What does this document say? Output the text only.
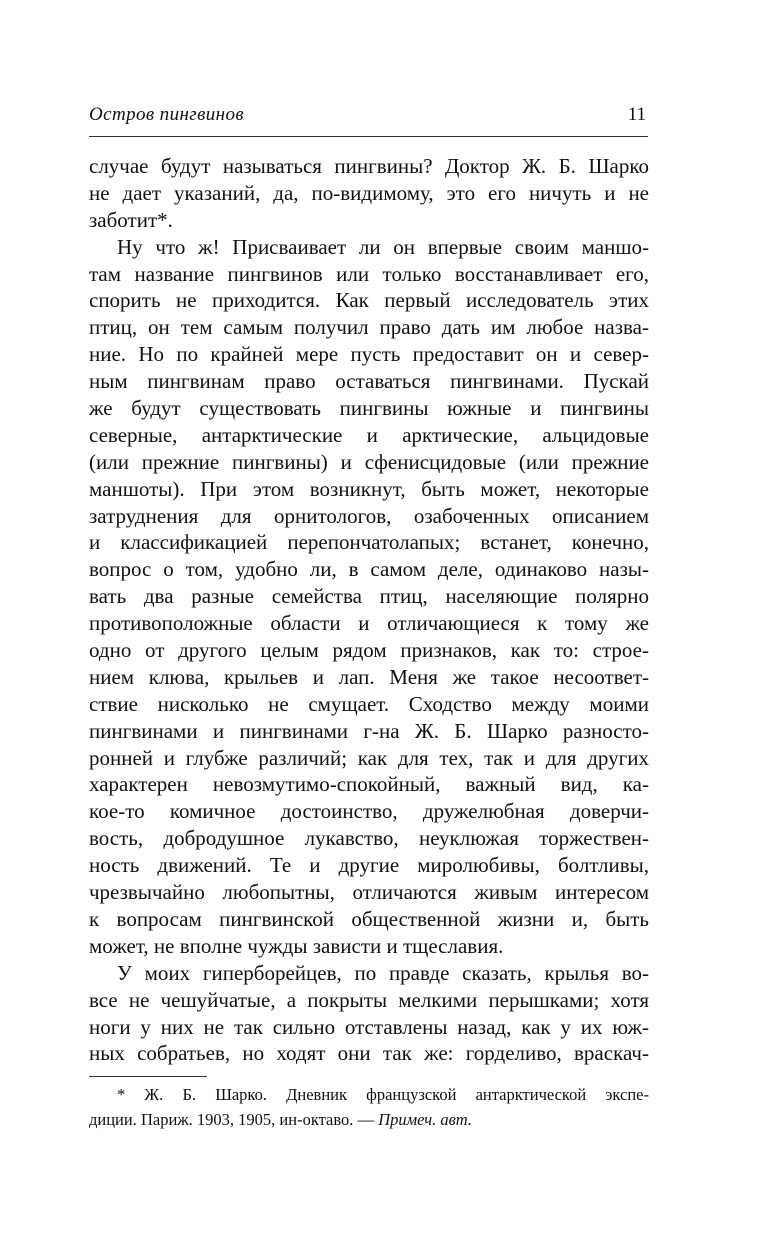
Остров пингвинов	11
случае будут называться пингвины? Доктор Ж. Б. Шарко
не дает указаний, да, по-видимому, это его ничуть и не
заботит*.
Ну что ж! Присваивает ли он впервые своим маншо-
там название пингвинов или только восстанавливает его,
спорить не приходится. Как первый исследователь этих
птиц, он тем самым получил право дать им любое назва-
ние. Но по крайней мере пусть предоставит он и север-
ным пингвинам право оставаться пингвинами. Пускай
же будут существовать пингвины южные и пингвины
северные, антарктические и арктические, альцидовые
(или прежние пингвины) и сфенисцидовые (или прежние
маншоты). При этом возникнут, быть может, некоторые
затруднения для орнитологов, озабоченных описанием
и классификацией перепончатолапых; встанет, конечно,
вопрос о том, удобно ли, в самом деле, одинаково назы-
вать два разные семейства птиц, населяющие полярно
противоположные области и отличающиеся к тому же
одно от другого целым рядом признаков, как то: строе-
нием клюва, крыльев и лап. Меня же такое несоответ-
ствие нисколько не смущает. Сходство между моими
пингвинами и пингвинами г-на Ж. Б. Шарко разносто-
ронней и глубже различий; как для тех, так и для других
характерен невозмутимо-спокойный, важный вид, ка-
кое-то комичное достоинство, дружелюбная доверчи-
вость, добродушное лукавство, неуклюжая торжествен-
ность движений. Те и другие миролюбивы, болтливы,
чрезвычайно любопытны, отличаются живым интересом
к вопросам пингвинской общественной жизни и, быть
может, не вполне чужды зависти и тщеславия.
У моих гиперборейцев, по правде сказать, крылья во-
все не чешуйчатые, а покрыты мелкими перышками; хотя
ноги у них не так сильно отставлены назад, как у их юж-
ных собратьев, но ходят они так же: горделиво, враскач-
* Ж. Б. Шарко. Дневник французской антарктической экспе-
диции. Париж. 1903, 1905, ин-октаво. — Примеч. авт.
